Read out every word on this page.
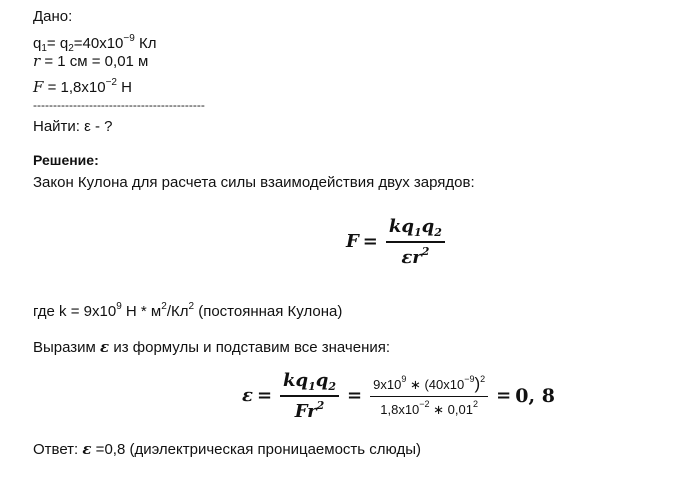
Дано:
$q_1= q_2=40x10^{-9}$ Кл
r = 1 см = 0,01 м
$F = 1,8x10^{-2}$ Н
-------------------------------------------
Найти: ε - ?
Решение:
Закон Кулона для расчета силы взаимодействия двух зарядов:
$F = \frac{kq_1q_2}{\varepsilon r^2}$
где $k = 9x10^9$ Н * $м^2/Кл^2$ (постоянная Кулона)
Выразим ε из формулы и подставим все значения:
$\varepsilon = \frac{kq_1q_2}{Fr^2} = \frac{9x10^9 ∗ (40x10^{-9})^2}{1,8x10^{-2} ∗ 0,01^2} = 0$, 8
Ответ: ε =0,8 (диэлектрическая проницаемость слюды)
